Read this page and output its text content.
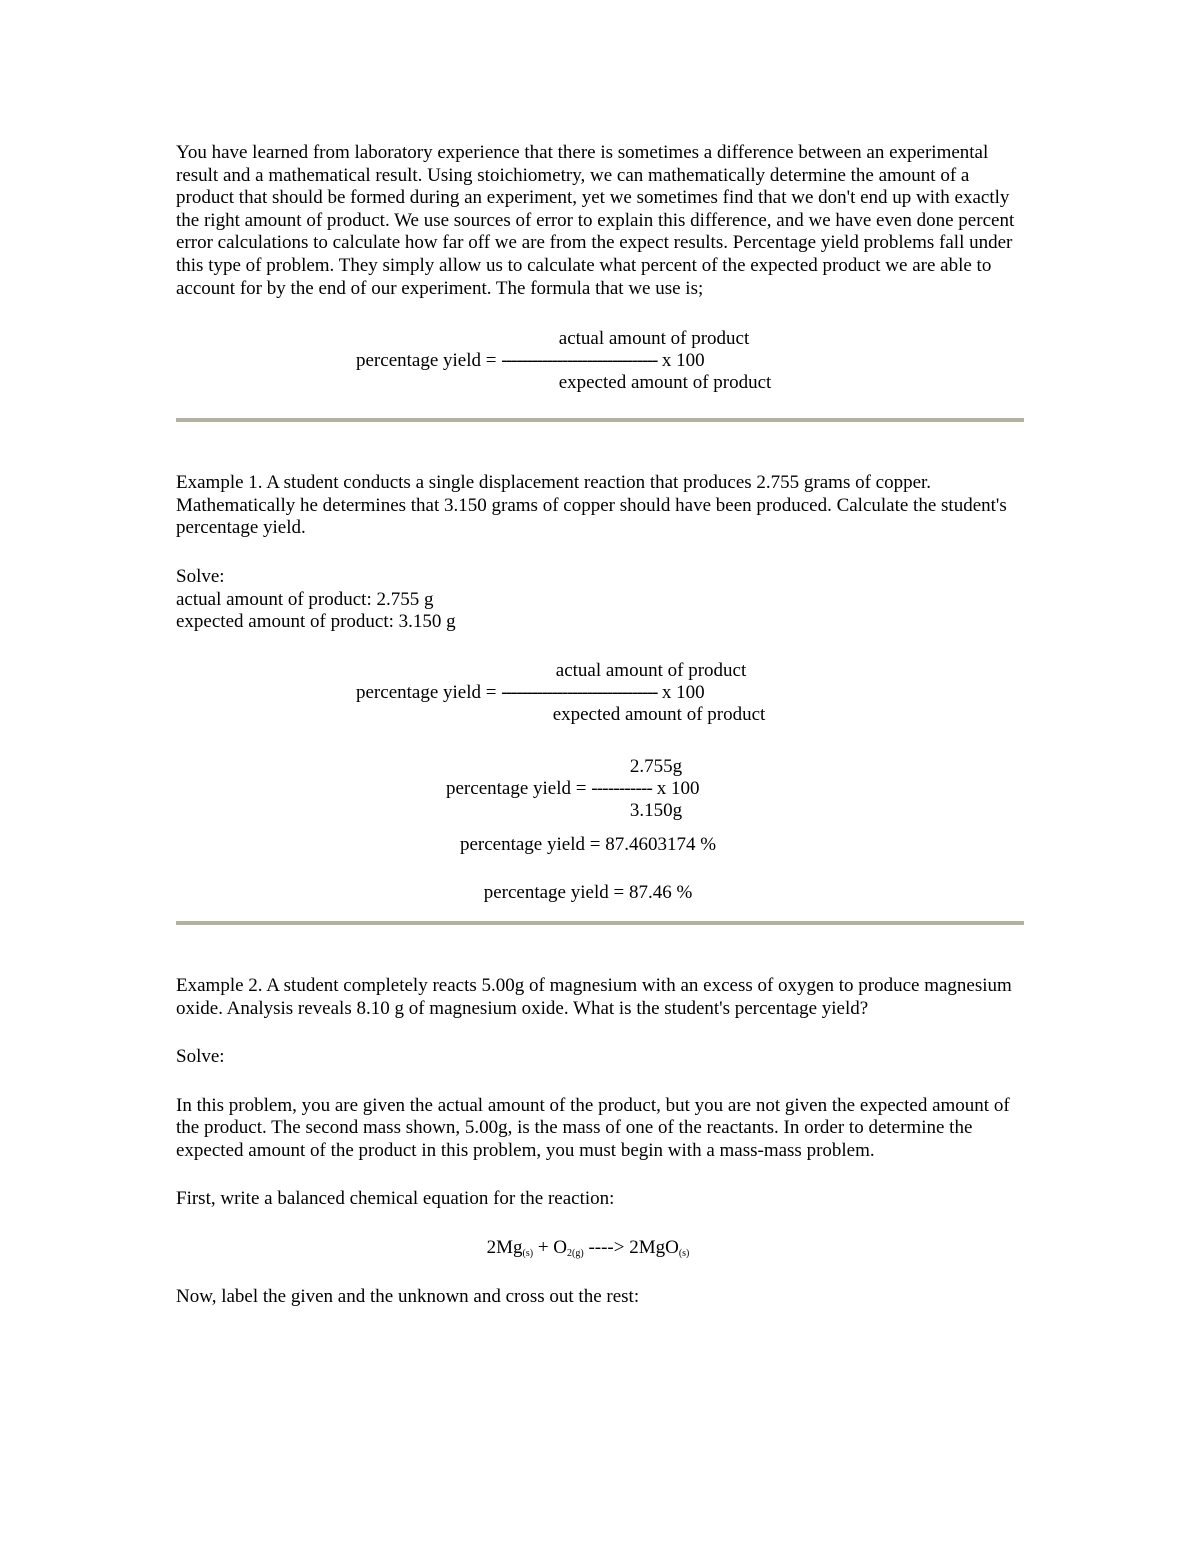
You have learned from laboratory experience that there is sometimes a difference between an experimental result and a mathematical result. Using stoichiometry, we can mathematically determine the amount of a product that should be formed during an experiment, yet we sometimes find that we don't end up with exactly the right amount of product. We use sources of error to explain this difference, and we have even done percent error calculations to calculate how far off we are from the expect results. Percentage yield problems fall under this type of problem. They simply allow us to calculate what percent of the expected product we are able to account for by the end of our experiment. The formula that we use is;

actual amount of product
percentage yield = ------------------------------- x 100
expected amount of product

Example 1. A student conducts a single displacement reaction that produces 2.755 grams of copper. Mathematically he determines that 3.150 grams of copper should have been produced. Calculate the student's percentage yield.

Solve:

actual amount of product: 2.755 g

expected amount of product: 3.150 g

actual amount of product
percentage yield = ------------------------------- x 100
expected amount of product
2.755g
percentage yield = ----------- x 100
3.150g

percentage yield = 87.4603174 %

percentage yield = 87.46 %

Example 2. A student completely reacts 5.00g of magnesium with an excess of oxygen to produce magnesium oxide. Analysis reveals 8.10 g of magnesium oxide. What is the student's percentage yield?

Solve:

In this problem, you are given the actual amount of the product, but you are not given the expected amount of the product. The second mass shown, 5.00g, is the mass of one of the reactants. In order to determine the expected amount of the product in this problem, you must begin with a mass-mass problem.

First, write a balanced chemical equation for the reaction:

$2Mg_{(s)} + O_{2(g)}$ ----> 2MgO$_{(s)}$

Now, label the given and the unknown and cross out the rest:
